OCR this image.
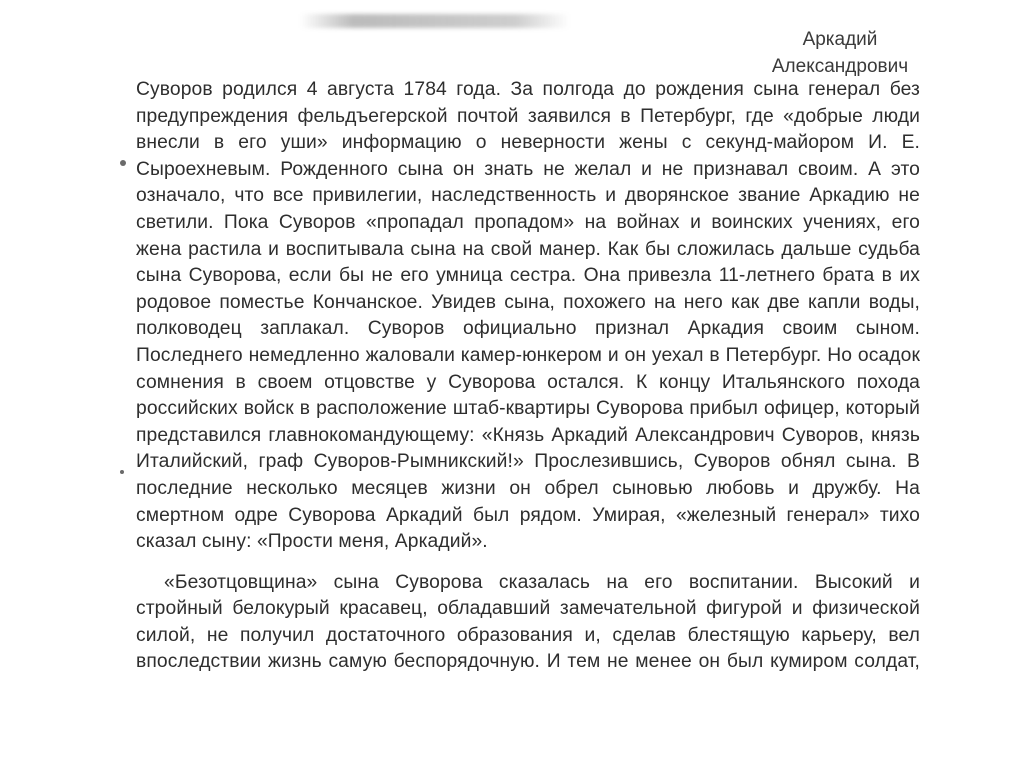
Аркадий
Александрович
Суворов родился 4 августа 1784 года. За полгода до рождения сына генерал без
предупреждения фельдъегерской почтой заявился в Петербург, где «добрые люди
внесли в его уши» информацию о неверности жены с секунд-майором И. Е.
Сыроехневым. Рожденного сына он знать не желал и не признавал своим. А это
означало, что все привилегии, наследственность и дворянское звание Аркадию не
светили. Пока Суворов «пропадал пропадом» на войнах и воинских учениях, его
жена растила и воспитывала сына на свой манер. Как бы сложилась дальше судьба
сына Суворова, если бы не его умница сестра. Она привезла 11-летнего брата в их
родовое поместье Кончанское. Увидев сына, похожего на него как две капли воды,
полководец заплакал. Суворов официально признал Аркадия своим сыном.
Последнего немедленно жаловали камер-юнкером и он уехал в Петербург. Но осадок
сомнения в своем отцовстве у Суворова остался. К концу Итальянского похода
российских войск в расположение штаб-квартиры Суворова прибыл офицер, который
представился главнокомандующему: «Князь Аркадий Александрович Суворов, князь
Италийский, граф Суворов-Рымникский!» Прослезившись, Суворов обнял сына. В
последние несколько месяцев жизни он обрел сыновью любовь и дружбу. На
смертном одре Суворова Аркадий был рядом. Умирая, «железный генерал» тихо
сказал сыну: «Прости меня, Аркадий».
«Безотцовщина» сына Суворова сказалась на его воспитании. Высокий и
стройный белокурый красавец, обладавший замечательной фигурой и физической
силой, не получил достаточного образования и, сделав блестящую карьеру, вел
впоследствии жизнь самую беспорядочную. И тем не менее он был кумиром солдат,
